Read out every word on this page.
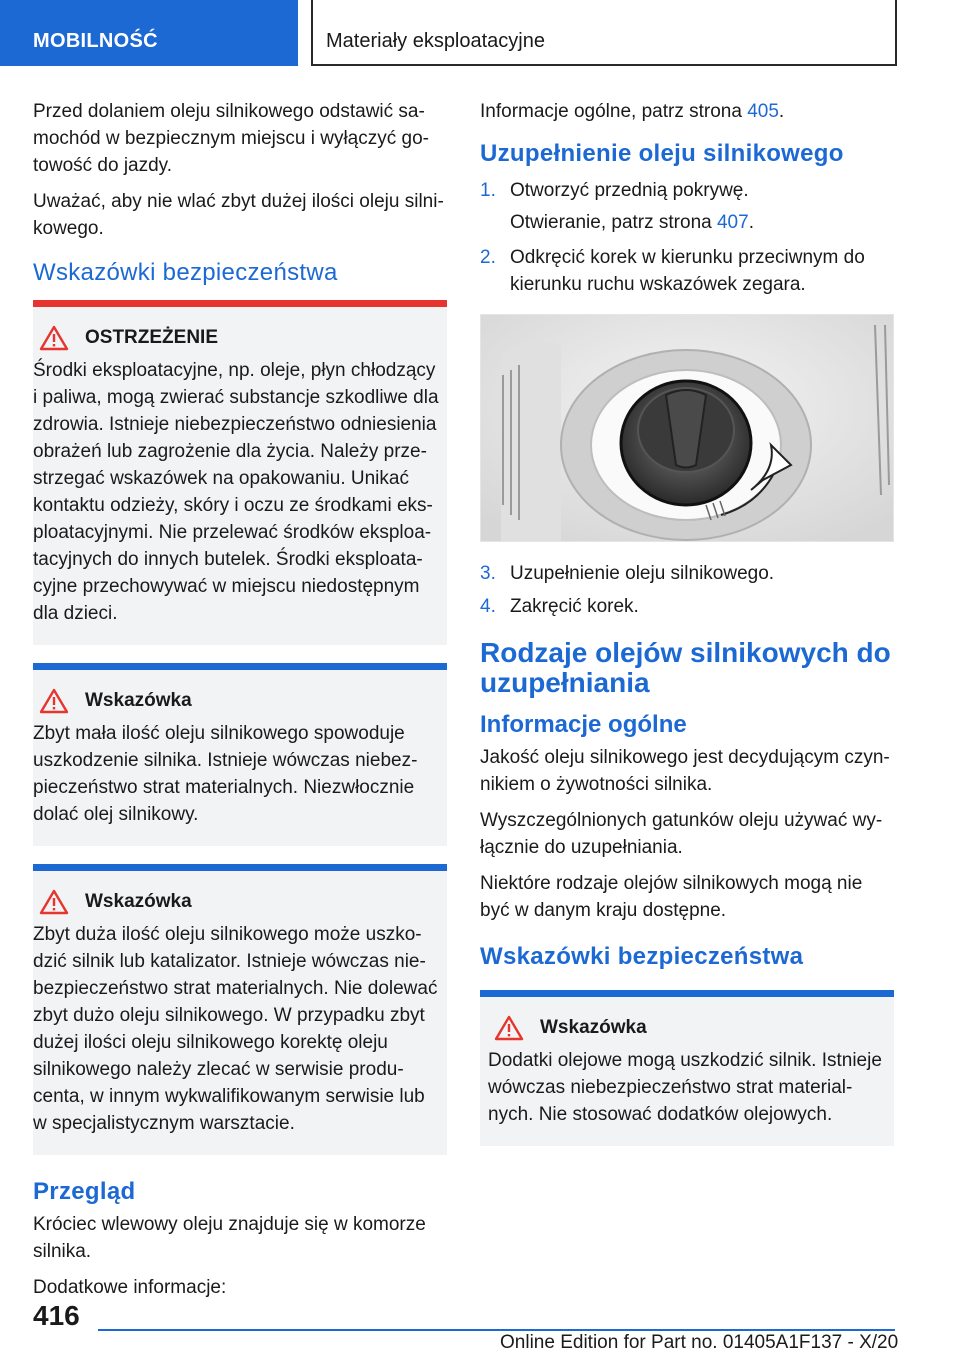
MOBILNOŚĆ	Materiały eksploatacyjne

Przed dolaniem oleju silnikowego odstawić samochód w bezpiecznym miejscu i wyłączyć gotowość do jazdy.

Uważać, aby nie wlać zbyt dużej ilości oleju silnikowego.

Wskazówki bezpieczeństwa
OSTRZEŻENIE

Środki eksploatacyjne, np. oleje, płyn chłodzący i paliwa, mogą zwierać substancje szkodliwe dla zdrowia. Istnieje niebezpieczeństwo odniesienia obrażeń lub zagrożenie dla życia. Należy przestrzegać wskazówek na opakowaniu. Unikać kontaktu odzieży, skóry i oczu ze środkami eksploatacyjnymi. Nie przelewać środków eksploatacyjnych do innych butelek. Środki eksploatacyjne przechowywać w miejscu niedostępnym dla dzieci.

Wskazówka

Zbyt mała ilość oleju silnikowego spowoduje uszkodzenie silnika. Istnieje wówczas niebezpieczeństwo strat materialnych. Niezwłocznie dolać olej silnikowy.

Wskazówka

Zbyt duża ilość oleju silnikowego może uszkodzić silnik lub katalizator. Istnieje wówczas niebezpieczeństwo strat materialnych. Nie dolewać zbyt dużo oleju silnikowego. W przypadku zbyt dużej ilości oleju silnikowego korektę oleju silnikowego należy zlecać w serwisie producenta, w innym wykwalifikowanym serwisie lub w specjalistycznym warsztacie.

Przegląd

Króciec wlewowy oleju znajduje się w komorze silnika.

Dodatkowe informacje:

Informacje ogólne, patrz strona 405.

Uzupełnienie oleju silnikowego
1. Otworzyć przednią pokrywę.
Otwieranie, patrz strona 407.
2. Odkręcić korek w kierunku przeciwnym do kierunku ruchu wskazówek zegara.
3. Uzupełnienie oleju silnikowego.
4. Zakręcić korek.
Rodzaje olejów silnikowych do uzupełniania
Informacje ogólne

Jakość oleju silnikowego jest decydującym czynnikiem o żywotności silnika.

Wyszczególnionych gatunków oleju używać wyłącznie do uzupełniania.

Niektóre rodzaje olejów silnikowych mogą nie być w danym kraju dostępne.

Wskazówki bezpieczeństwa
Wskazówka

Dodatki olejowe mogą uszkodzić silnik. Istnieje wówczas niebezpieczeństwo strat materialnych. Nie stosować dodatków olejowych.

416
Online Edition for Part no. 01405A1F137 - X/20
